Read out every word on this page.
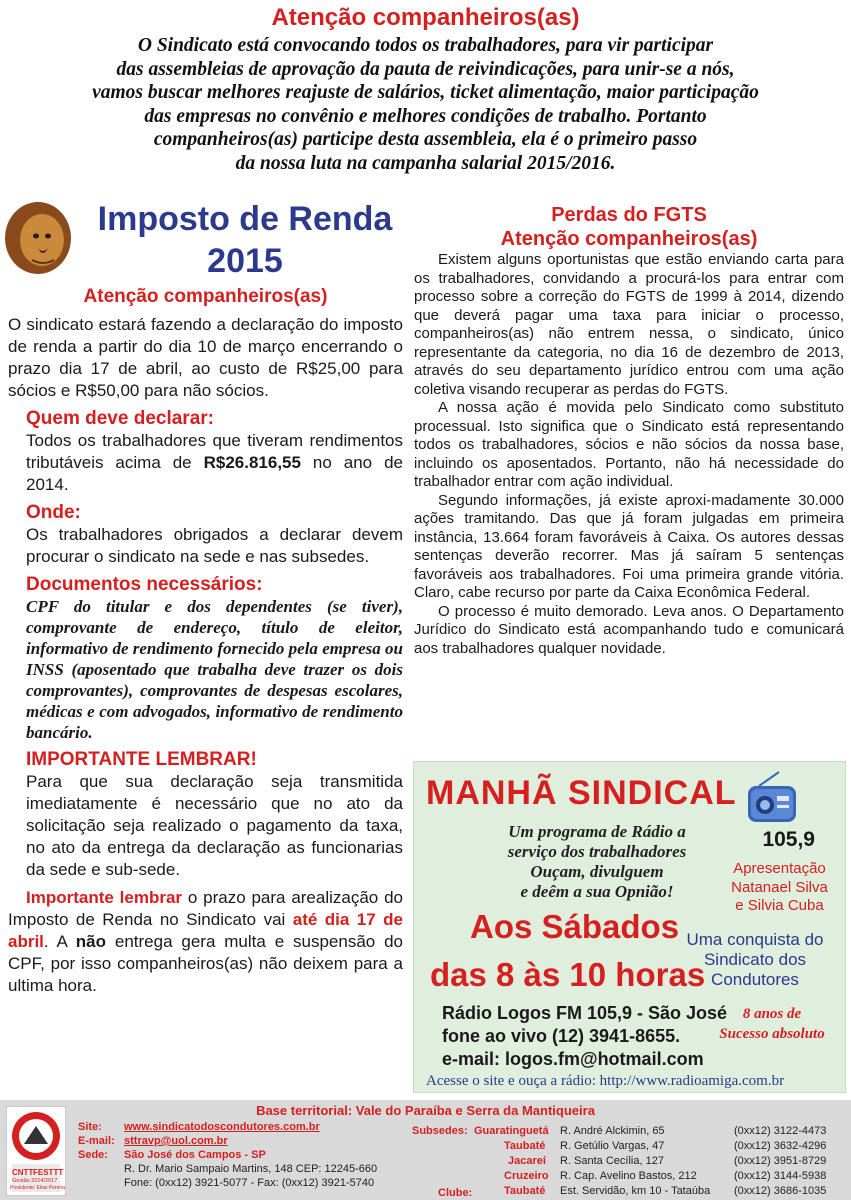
Atenção companheiros(as)
O Sindicato está convocando todos os trabalhadores, para vir participar
das assembleias de aprovação da pauta de reivindicações, para unir-se a nós,
vamos buscar melhores reajuste de salários, ticket alimentação, maior participação
das empresas no convênio e melhores condições de trabalho. Portanto
companheiros(as) participe desta assembleia, ela é o primeiro passo
da nossa luta na campanha salarial 2015/2016.
Imposto de Renda
2015
Atenção companheiros(as)

O sindicato estará fazendo a declaração do imposto de renda a partir do dia 10 de março encerrando o prazo dia 17 de abril, ao custo de R$25,00 para sócios e R$50,00 para não sócios.

Quem deve declarar:

Todos os trabalhadores que tiveram rendimentos tributáveis acima de R$26.816,55 no ano de 2014.

Onde:

Os trabalhadores obrigados a declarar devem procurar o sindicato na sede e nas subsedes.

Documentos necessários:

CPF do titular e dos dependentes (se tiver), comprovante de endereço, título de eleitor, informativo de rendimento fornecido pela empresa ou INSS (aposentado que trabalha deve trazer os dois comprovantes), comprovantes de despesas escolares, médicas e com advogados, informativo de rendimento bancário.

IMPORTANTE LEMBRAR!

Para que sua declaração seja transmitida imediatamente é necessário que no ato da solicitação seja realizado o pagamento da taxa, no ato da entrega da declaração as funcionarias da sede e sub-sede.

Importante lembrar o prazo para arealização do Imposto de Renda no Sindicato vai até dia 17 de abril. A não entrega gera multa e suspensão do CPF, por isso companheiros(as) não deixem para a ultima hora.

Perdas do FGTS
Atenção companheiros(as)

Existem alguns oportunistas que estão enviando carta para os trabalhadores, convidando a procurá-los para entrar com processo sobre a correção do FGTS de 1999 à 2014, dizendo que deverá pagar uma taxa para iniciar o processo, companheiros(as) não entrem nessa, o sindicato, único representante da categoria, no dia 16 de dezembro de 2013, através do seu departamento jurídico entrou com uma ação coletiva visando recuperar as perdas do FGTS.

A nossa ação é movida pelo Sindicato como substituto processual. Isto significa que o Sindicato está representando todos os trabalhadores, sócios e não sócios da nossa base, incluindo os aposentados. Portanto, não há necessidade do trabalhador entrar com ação individual.

Segundo informações, já existe aproxi-madamente 30.000 ações tramitando. Das que já foram julgadas em primeira instância, 13.664 foram favoráveis à Caixa. Os autores dessas sentenças deverão recorrer. Mas já saíram 5 sentenças favoráveis aos trabalhadores. Foi uma primeira grande vitória. Claro, cabe recurso por parte da Caixa Econômica Federal.

O processo é muito demorado. Leva anos. O Departamento Jurídico do Sindicato está acompanhando tudo e comunicará aos trabalhadores qualquer novidade.

MANHÃ SINDICAL
105,9
Um programa de Rádio a
serviço dos trabalhadores
Ouçam, divulguem
e deêm a sua Opnião!
Apresentação
Natanael Silva
e Silvia Cuba
Aos Sábados Uma conquista do
Sindicato dos
Condutores
das 8 às 10 horas
Rádio Logos FM 105,9 - São José
fone ao vivo (12) 3941-8655.
e-mail: logos.fm@hotmail.com
8 anos de
Sucesso absoluto
Acesse o site e ouça a rádio: http://www.radioamiga.com.br
CUT
CNTT FESTTT
Gestão 2014/2017
Presidente: Elias Pereira
Base territorial: Vale do Paraíba e Serra da Mantiqueira
Site: www.sindicatodoscondutores.com.br
E-mail: sttravp@uol.com.br
Sede: São José dos Campos - SP
R. Dr. Mario Sampaio Martins, 148 CEP: 12245-660
Fone: (0xx12) 3921-5077 - Fax: (0xx12) 3921-5740
Subsedes:
Clube:
Guaratinguetá R. André Alckimin, 65	(0xx12) 3122-4473
Taubaté R. Getúlio Vargas, 47	(0xx12) 3632-4296
Jacareí R. Santa Cecília, 127	(0xx12) 3951-8729
Cruzeiro R. Cap. Avelino Bastos, 212	(0xx12) 3144-5938
Taubaté Est. Servidão, km 10 - Tataúba (0xx12) 3686-1035
